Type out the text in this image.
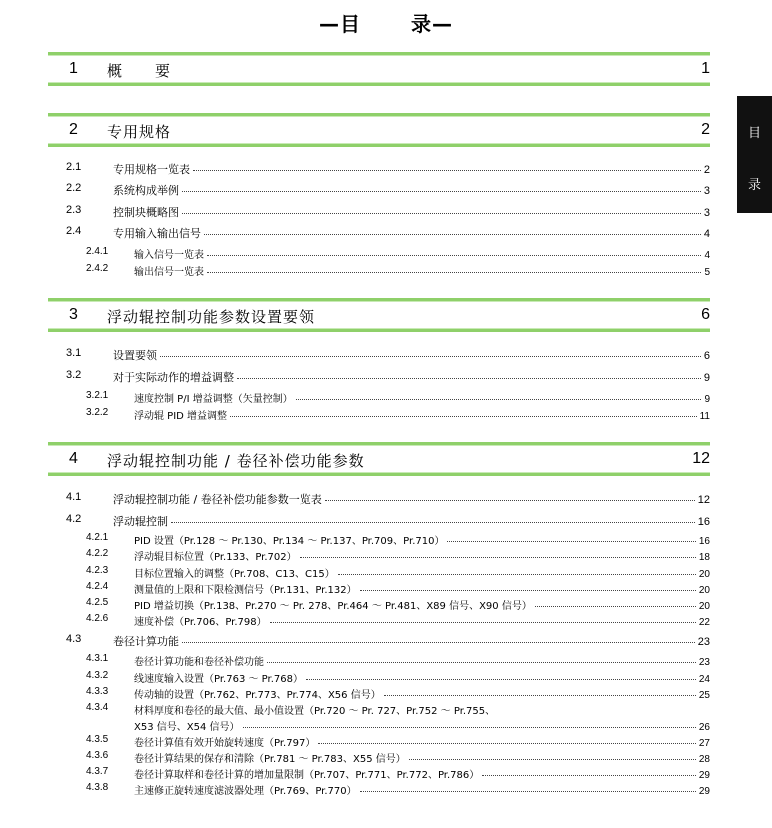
—目	录—
目
录
1 概　　要	1
2 专用规格	2
2.1	专用规格一览表	2
2.2	系统构成举例	3
2.3	控制块概略图	3
2.4	专用输入输出信号	4
2.4.1	输入信号一览表	4
2.4.2	输出信号一览表	5
3 浮动辊控制功能参数设置要领	6
3.1	设置要领	6
3.2	对于实际动作的增益调整	9
3.2.1	速度控制 P/I 增益调整（矢量控制）	9
3.2.2	浮动辊 PID 增益调整	11
4 浮动辊控制功能 / 卷径补偿功能参数	12
4.1	浮动辊控制功能 / 卷径补偿功能参数一览表	12
4.2	浮动辊控制	16
4.2.1	PID 设置（Pr.128 ～ Pr.130、Pr.134 ～ Pr.137、Pr.709、Pr.710）	16
4.2.2	浮动辊目标位置（Pr.133、Pr.702）	18
4.2.3	目标位置输入的调整（Pr.708、C13、C15）	20
4.2.4	测量值的上限和下限检测信号（Pr.131、Pr.132）	20
4.2.5	PID 增益切换（Pr.138、Pr.270 ～ Pr. 278、Pr.464 ～ Pr.481、X89 信号、X90 信号）	20
4.2.6	速度补偿（Pr.706、Pr.798）	22
4.3	卷径计算功能	23
4.3.1	卷径计算功能和卷径补偿功能	23
4.3.2	线速度输入设置（Pr.763 ～ Pr.768）	24
4.3.3	传动轴的设置（Pr.762、Pr.773、Pr.774、X56 信号）	25
4.3.4	材料厚度和卷径的最大值、最小值设置（Pr.720 ～ Pr. 727、Pr.752 ～ Pr.755、
X53 信号、X54 信号）	26
4.3.5	卷径计算值有效开始旋转速度（Pr.797）	27
4.3.6	卷径计算结果的保存和清除（Pr.781 ～ Pr.783、X55 信号）	28
4.3.7	卷径计算取样和卷径计算的增加量限制（Pr.707、Pr.771、Pr.772、Pr.786）	29
4.3.8	主速修正旋转速度滤波器处理（Pr.769、Pr.770）	29
